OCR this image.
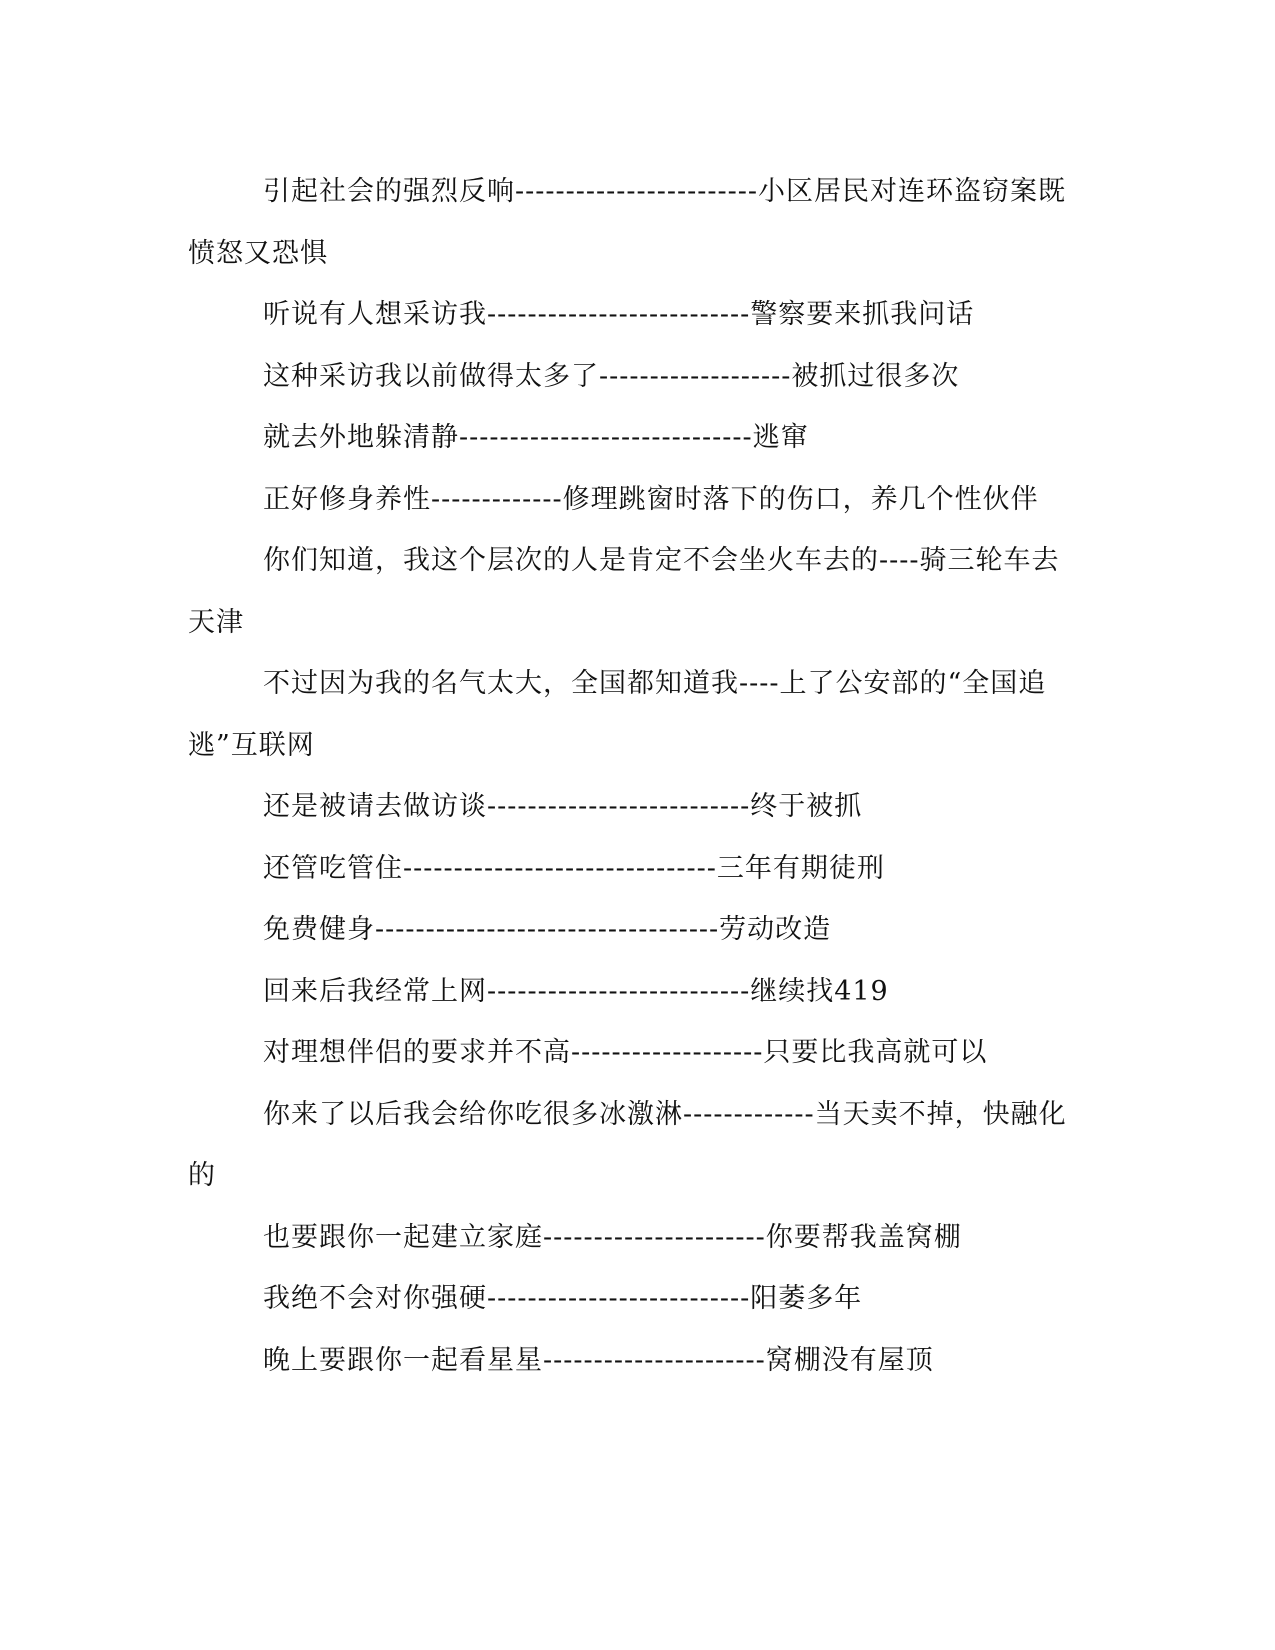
引起社会的强烈反响------------------------小区居民对连环盗窃案既
愤怒又恐惧

听说有人想采访我--------------------------警察要来抓我问话

这种采访我以前做得太多了-------------------被抓过很多次

就去外地躲清静-----------------------------逃窜

正好修身养性-------------修理跳窗时落下的伤口，养几个性伙伴

你们知道，我这个层次的人是肯定不会坐火车去的----骑三轮车去天津

不过因为我的名气太大，全国都知道我----上了公安部的“全国追逃”互联网

还是被请去做访谈--------------------------终于被抓

还管吃管住-------------------------------三年有期徒刑

免费健身----------------------------------劳动改造

回来后我经常上网--------------------------继续找419

对理想伴侣的要求并不高-------------------只要比我高就可以

你来了以后我会给你吃很多冰激淋-------------当天卖不掉，快融化的

也要跟你一起建立家庭----------------------你要帮我盖窝棚

我绝不会对你强硬--------------------------阳萎多年

晚上要跟你一起看星星----------------------窝棚没有屋顶
